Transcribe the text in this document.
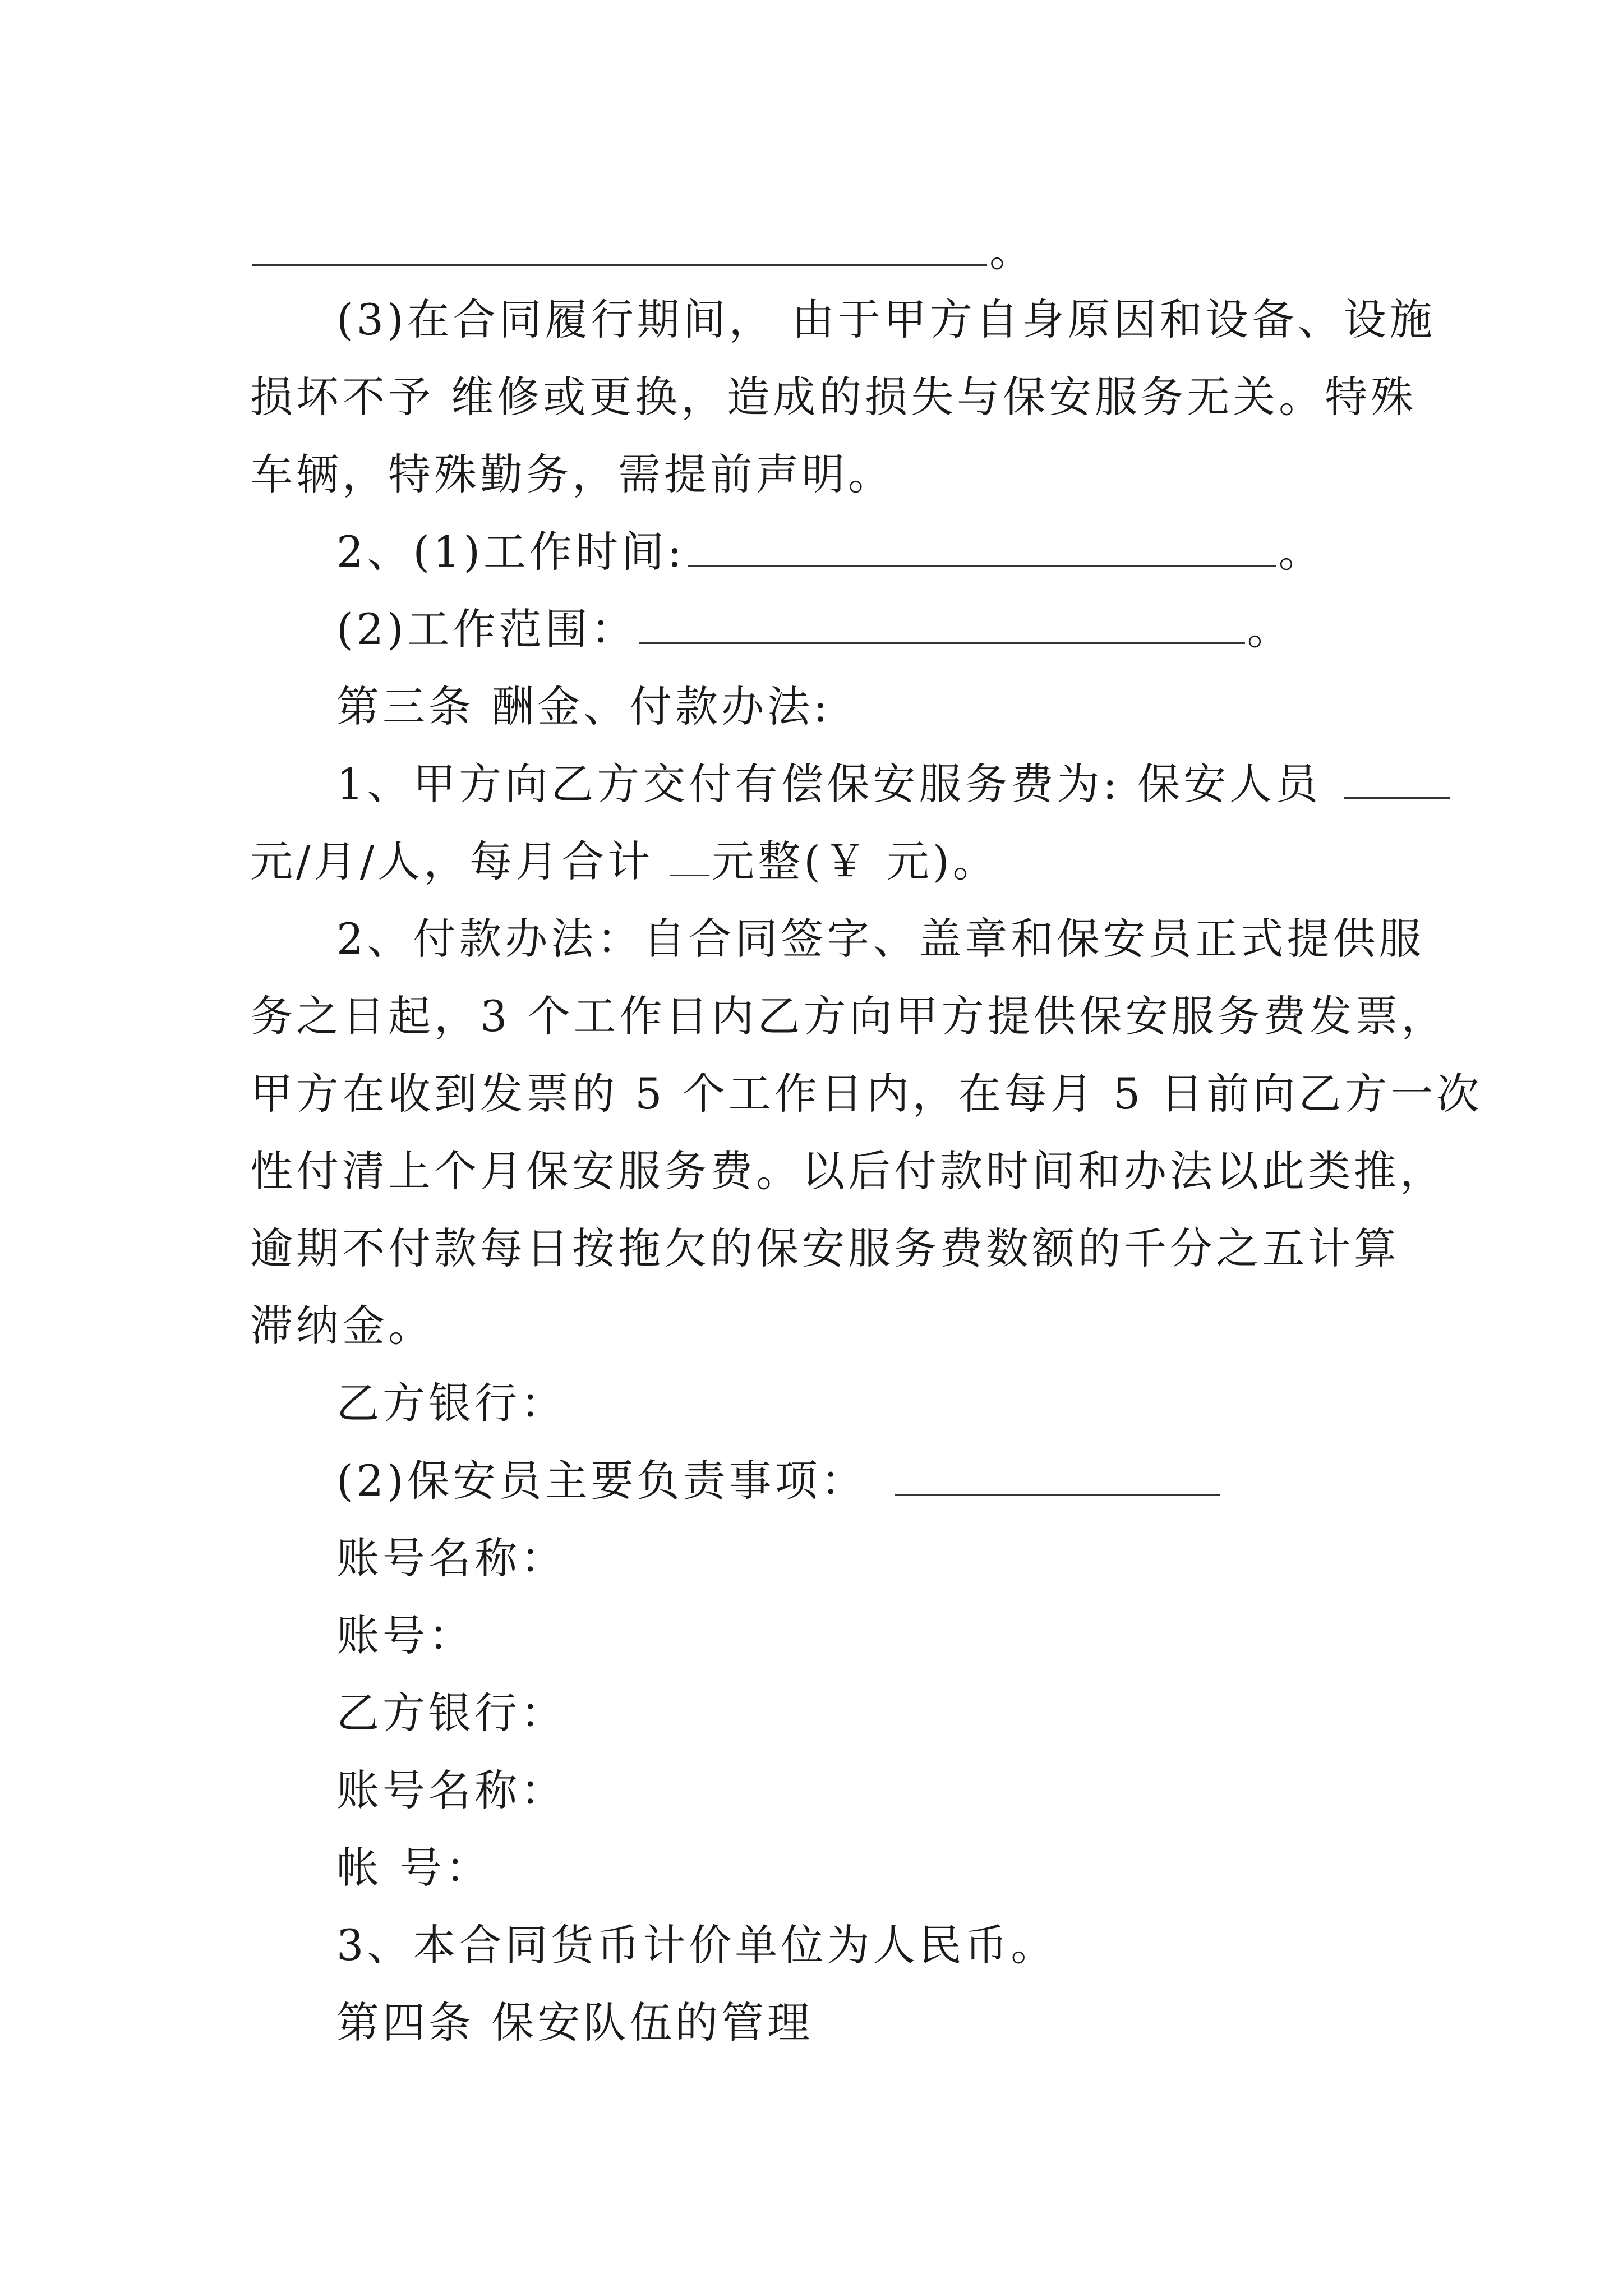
。
(3)在合同履行期间， 由于甲方自身原因和设备、设施
损坏不予 维修或更换，造成的损失与保安服务无关。特殊
车辆，特殊勤务，需提前声明。
2、(1)工作时间:	。
(2)工作范围：	。
第三条 酬金、付款办法:
1、甲方向乙方交付有偿保安服务费为: 保安人员
元/月/人，每月合计 元整(￥ 元)。
2、付款办法：自合同签字、盖章和保安员正式提供服
务之日起，3 个工作日内乙方向甲方提供保安服务费发票，
甲方在收到发票的 5 个工作日内，在每月 5 日前向乙方一次
性付清上个月保安服务费。以后付款时间和办法以此类推，
逾期不付款每日按拖欠的保安服务费数额的千分之五计算
滞纳金。
乙方银行：
(2)保安员主要负责事项：
账号名称：
账号：
乙方银行：
账号名称：
帐 号：
3、本合同货币计价单位为人民币。
第四条 保安队伍的管理
